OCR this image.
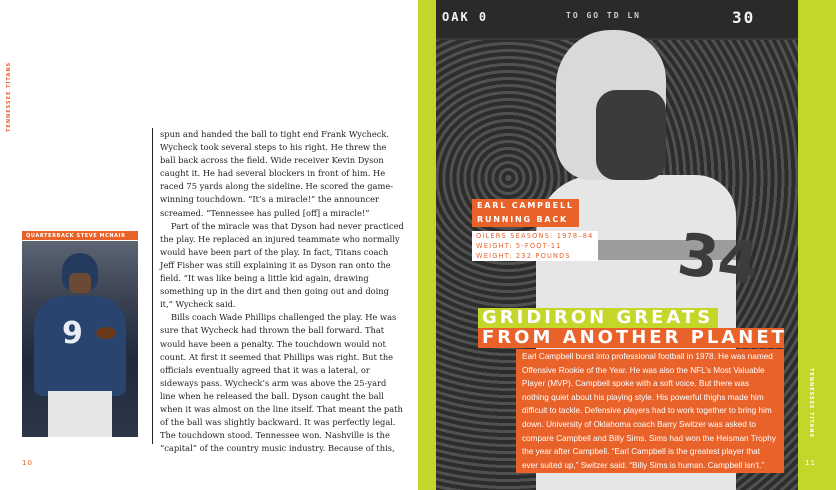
TENNESSEE TITANS
QUARTERBACK STEVE MCNAIR
9

spun and handed the ball to tight end Frank Wycheck. Wycheck took several steps to his right. He threw the ball back across the field. Wide receiver Kevin Dyson caught it. He had several blockers in front of him. He raced 75 yards along the sideline. He scored the game-winning touchdown. “It’s a miracle!” the announcer screamed. “Tennessee has pulled [off] a miracle!”

Part of the miracle was that Dyson had never practiced the play. He replaced an injured teammate who normally would have been part of the play. In fact, Titans coach Jeff Fisher was still explaining it as Dyson ran onto the field. “It was like being a little kid again, drawing something up in the dirt and then going out and doing it,” Wycheck said.

Bills coach Wade Phillips challenged the play. He was sure that Wycheck had thrown the ball forward. That would have been a penalty. The touchdown would not count. At first it seemed that Phillips was right. But the officials eventually agreed that it was a lateral, or sideways pass. Wycheck’s arm was above the 25-yard line when he released the ball. Dyson caught the ball when it was almost on the line itself. That meant the path of the ball was slightly backward. It was perfectly legal. The touchdown stood. Tennessee won. Nashville is the “capital” of the country music industry. Because of this,

10
OAK 0	TO GO TD LN	30
34
EARL CAMPBELL
RUNNING BACK
OILERS SEASONS: 1978–84
WEIGHT: 5-FOOT-11
WEIGHT: 232 POUNDS
GRIDIRON GREATS
FROM ANOTHER PLANET
Earl Campbell burst into professional football in 1978. He was named Offensive Rookie of the Year. He was also the NFL’s Most Valuable Player (MVP). Campbell spoke with a soft voice. But there was nothing quiet about his playing style. His powerful thighs made him difficult to tackle. Defensive players had to work together to bring him down. University of Oklahoma coach Barry Switzer was asked to compare Campbell and Billy Sims. Sims had won the Heisman Trophy the year after Campbell. “Earl Campbell is the greatest player that ever suited up,” Switzer said. “Billy Sims is human. Campbell isn’t.”
TENNESSEE TITANS
11
